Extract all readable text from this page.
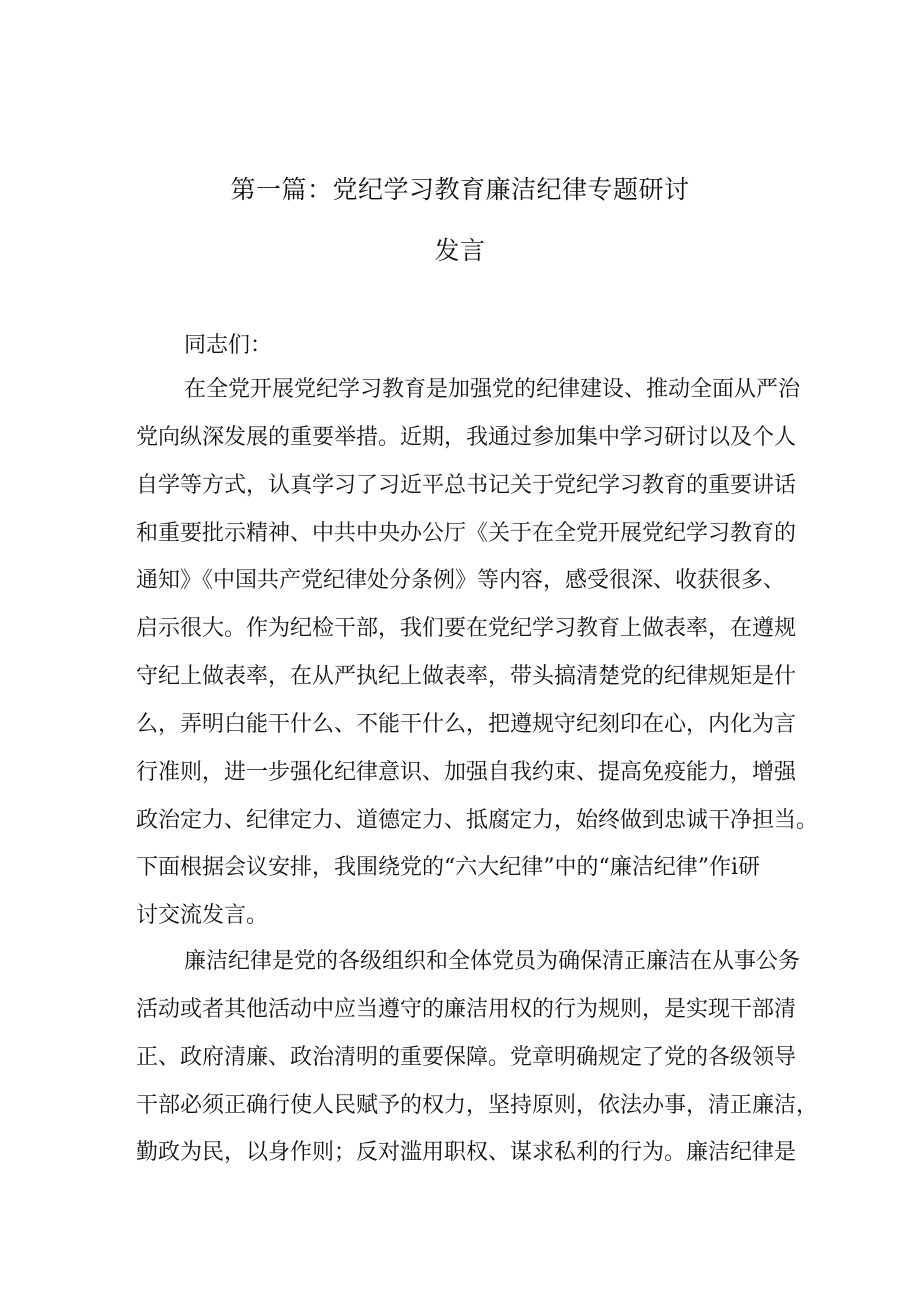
第一篇：党纪学习教育廉洁纪律专题研讨
发言

同志们：

在全党开展党纪学习教育是加强党的纪律建设、推动全面从严治
党向纵深发展的重要举措。近期，我通过参加集中学习研讨以及个人
自学等方式，认真学习了习近平总书记关于党纪学习教育的重要讲话
和重要批示精神、中共中央办公厅《关于在全党开展党纪学习教育的
通知》《中国共产党纪律处分条例》等内容，感受很深、收获很多、
启示很大。作为纪检干部，我们要在党纪学习教育上做表率，在遵规
守纪上做表率，在从严执纪上做表率，带头搞清楚党的纪律规矩是什
么，弄明白能干什么、不能干什么，把遵规守纪刻印在心，内化为言
行准则，进一步强化纪律意识、加强自我约束、提高免疫能力，增强
政治定力、纪律定力、道德定力、抵腐定力，始终做到忠诚干净担当。
下面根据会议安排，我围绕党的“六大纪律”中的“廉洁纪律”作i研
讨交流发言。
廉洁纪律是党的各级组织和全体党员为确保清正廉洁在从事公务
活动或者其他活动中应当遵守的廉洁用权的行为规则，是实现干部清
正、政府清廉、政治清明的重要保障。党章明确规定了党的各级领导
干部必须正确行使人民赋予的权力，坚持原则，依法办事，清正廉洁，
勤政为民，以身作则；反对滥用职权、谋求私利的行为。廉洁纪律是
